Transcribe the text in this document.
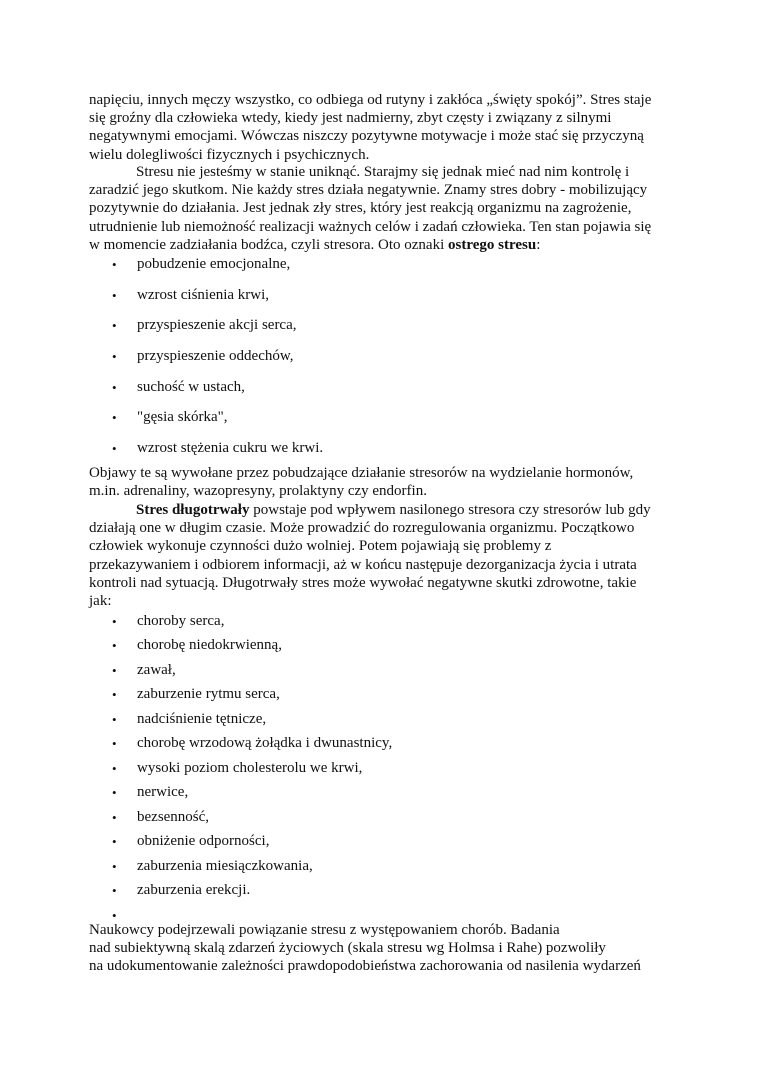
napięciu, innych męczy wszystko, co odbiega od rutyny i zakłóca „święty spokój”. Stres staje
się groźny dla człowieka wtedy, kiedy jest nadmierny, zbyt częsty i związany z silnymi
negatywnymi emocjami. Wówczas niszczy pozytywne motywacje i może stać się przyczyną
wielu dolegliwości fizycznych i psychicznych.

Stresu nie jesteśmy w stanie uniknąć. Starajmy się jednak mieć nad nim kontrolę i
zaradzić jego skutkom. Nie każdy stres działa negatywnie. Znamy stres dobry - mobilizujący
pozytywnie do działania. Jest jednak zły stres, który jest reakcją organizmu na zagrożenie,
utrudnienie lub niemożność realizacji ważnych celów i zadań człowieka. Ten stan pojawia się
w momencie zadziałania bodźca, czyli stresora. Oto oznaki ostrego stresu:

•	pobudzenie emocjonalne,
•	wzrost ciśnienia krwi,
•	przyspieszenie akcji serca,
•	przyspieszenie oddechów,
•	suchość w ustach,
•	"gęsia skórka",
•	wzrost stężenia cukru we krwi.

Objawy te są wywołane przez pobudzające działanie stresorów na wydzielanie hormonów,
m.in. adrenaliny, wazopresyny, prolaktyny czy endorfin.

Stres długotrwały powstaje pod wpływem nasilonego stresora czy stresorów lub gdy
działają one w długim czasie. Może prowadzić do rozregulowania organizmu. Początkowo
człowiek wykonuje czynności dużo wolniej. Potem pojawiają się problemy z
przekazywaniem i odbiorem informacji, aż w końcu następuje dezorganizacja życia i utrata
kontroli nad sytuacją. Długotrwały stres może wywołać negatywne skutki zdrowotne, takie
jak:

•	choroby serca,
•	chorobę niedokrwienną,
•	zawał,
•	zaburzenie rytmu serca,
•	nadciśnienie tętnicze,
•	chorobę wrzodową żołądka i dwunastnicy,
•	wysoki poziom cholesterolu we krwi,
•	nerwice,
•	bezsenność,
•	obniżenie odporności,
•	zaburzenia miesiączkowania,
•	zaburzenia erekcji.
•

Naukowcy podejrzewali powiązanie stresu z występowaniem chorób. Badania
nad subiektywną skalą zdarzeń życiowych (skala stresu wg Holmsa i Rahe) pozwoliły
na udokumentowanie zależności prawdopodobieństwa zachorowania od nasilenia wydarzeń
